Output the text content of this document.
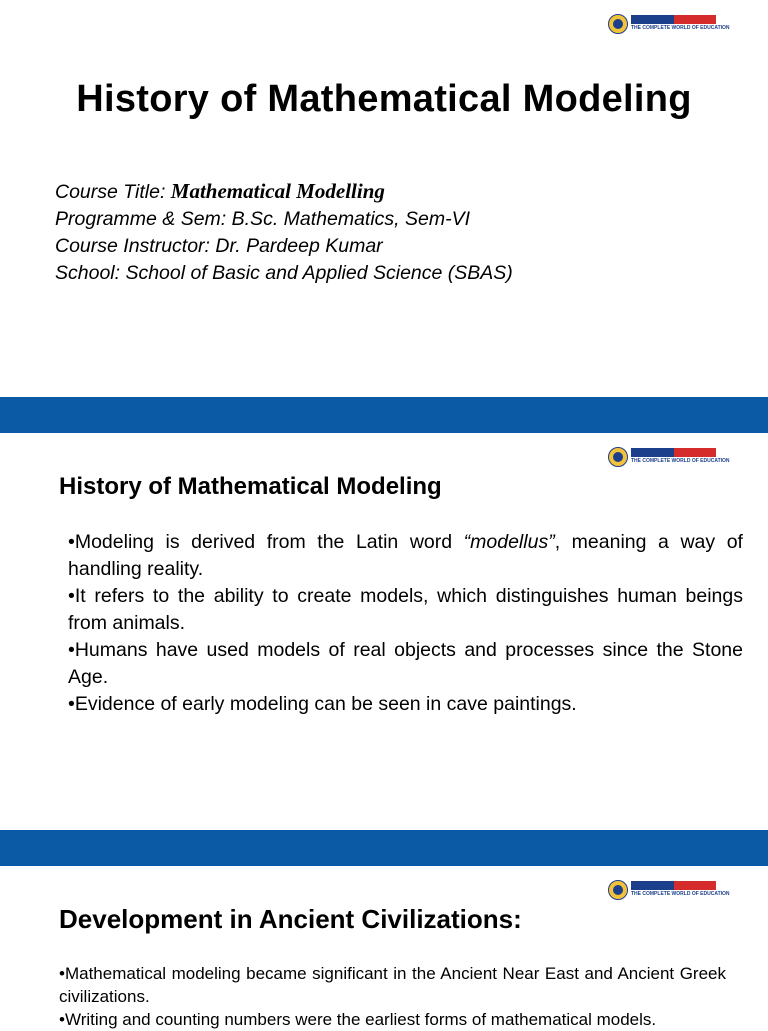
THE COMPLETE WORLD OF EDUCATION
History of Mathematical Modeling
Course Title: Mathematical Modelling
Programme & Sem: B.Sc. Mathematics, Sem-VI
Course Instructor: Dr. Pardeep Kumar
School: School of Basic and Applied Science (SBAS)
THE COMPLETE WORLD OF EDUCATION
History of Mathematical Modeling

•Modeling is derived from the Latin word “modellus”, meaning a way of handling reality.

•It refers to the ability to create models, which distinguishes human beings from animals.

•Humans have used models of real objects and processes since the Stone Age.

•Evidence of early modeling can be seen in cave paintings.

THE COMPLETE WORLD OF EDUCATION
Development in Ancient Civilizations:

•Mathematical modeling became significant in the Ancient Near East and Ancient Greek civilizations.

•Writing and counting numbers were the earliest forms of mathematical models.
